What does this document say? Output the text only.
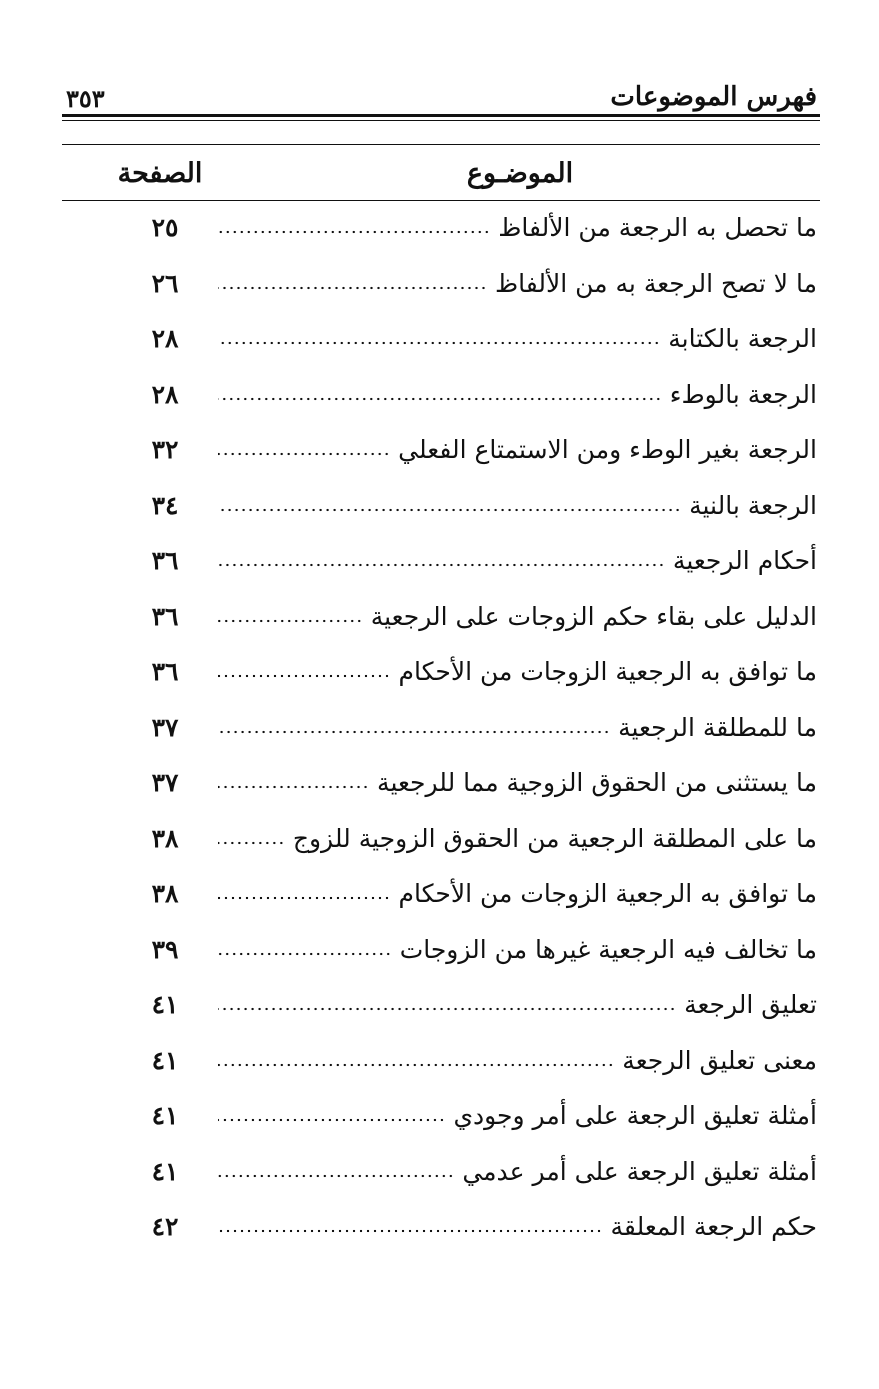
فهرس الموضوعات
٣٥٣
الموضـوع
الصفحة
ما تحصل به الرجعة من الألفاظ
٢٥
ما لا تصح الرجعة به من الألفاظ
٢٦
الرجعة بالكتابة
٢٨
الرجعة بالوطء
٢٨
الرجعة بغير الوطء ومن الاستمتاع الفعلي
٣٢
الرجعة بالنية
٣٤
أحكام الرجعية
٣٦
الدليل على بقاء حكم الزوجات على الرجعية
٣٦
ما توافق به الرجعية الزوجات من الأحكام
٣٦
ما للمطلقة الرجعية
٣٧
ما يستثنى من الحقوق الزوجية مما للرجعية
٣٧
ما على المطلقة الرجعية من الحقوق الزوجية للزوج
٣٨
ما توافق به الرجعية الزوجات من الأحكام
٣٨
ما تخالف فيه الرجعية غيرها من الزوجات
٣٩
تعليق الرجعة
٤١
معنى تعليق الرجعة
٤١
أمثلة تعليق الرجعة على أمر وجودي
٤١
أمثلة تعليق الرجعة على أمر عدمي
٤١
حكم الرجعة المعلقة
٤٢
